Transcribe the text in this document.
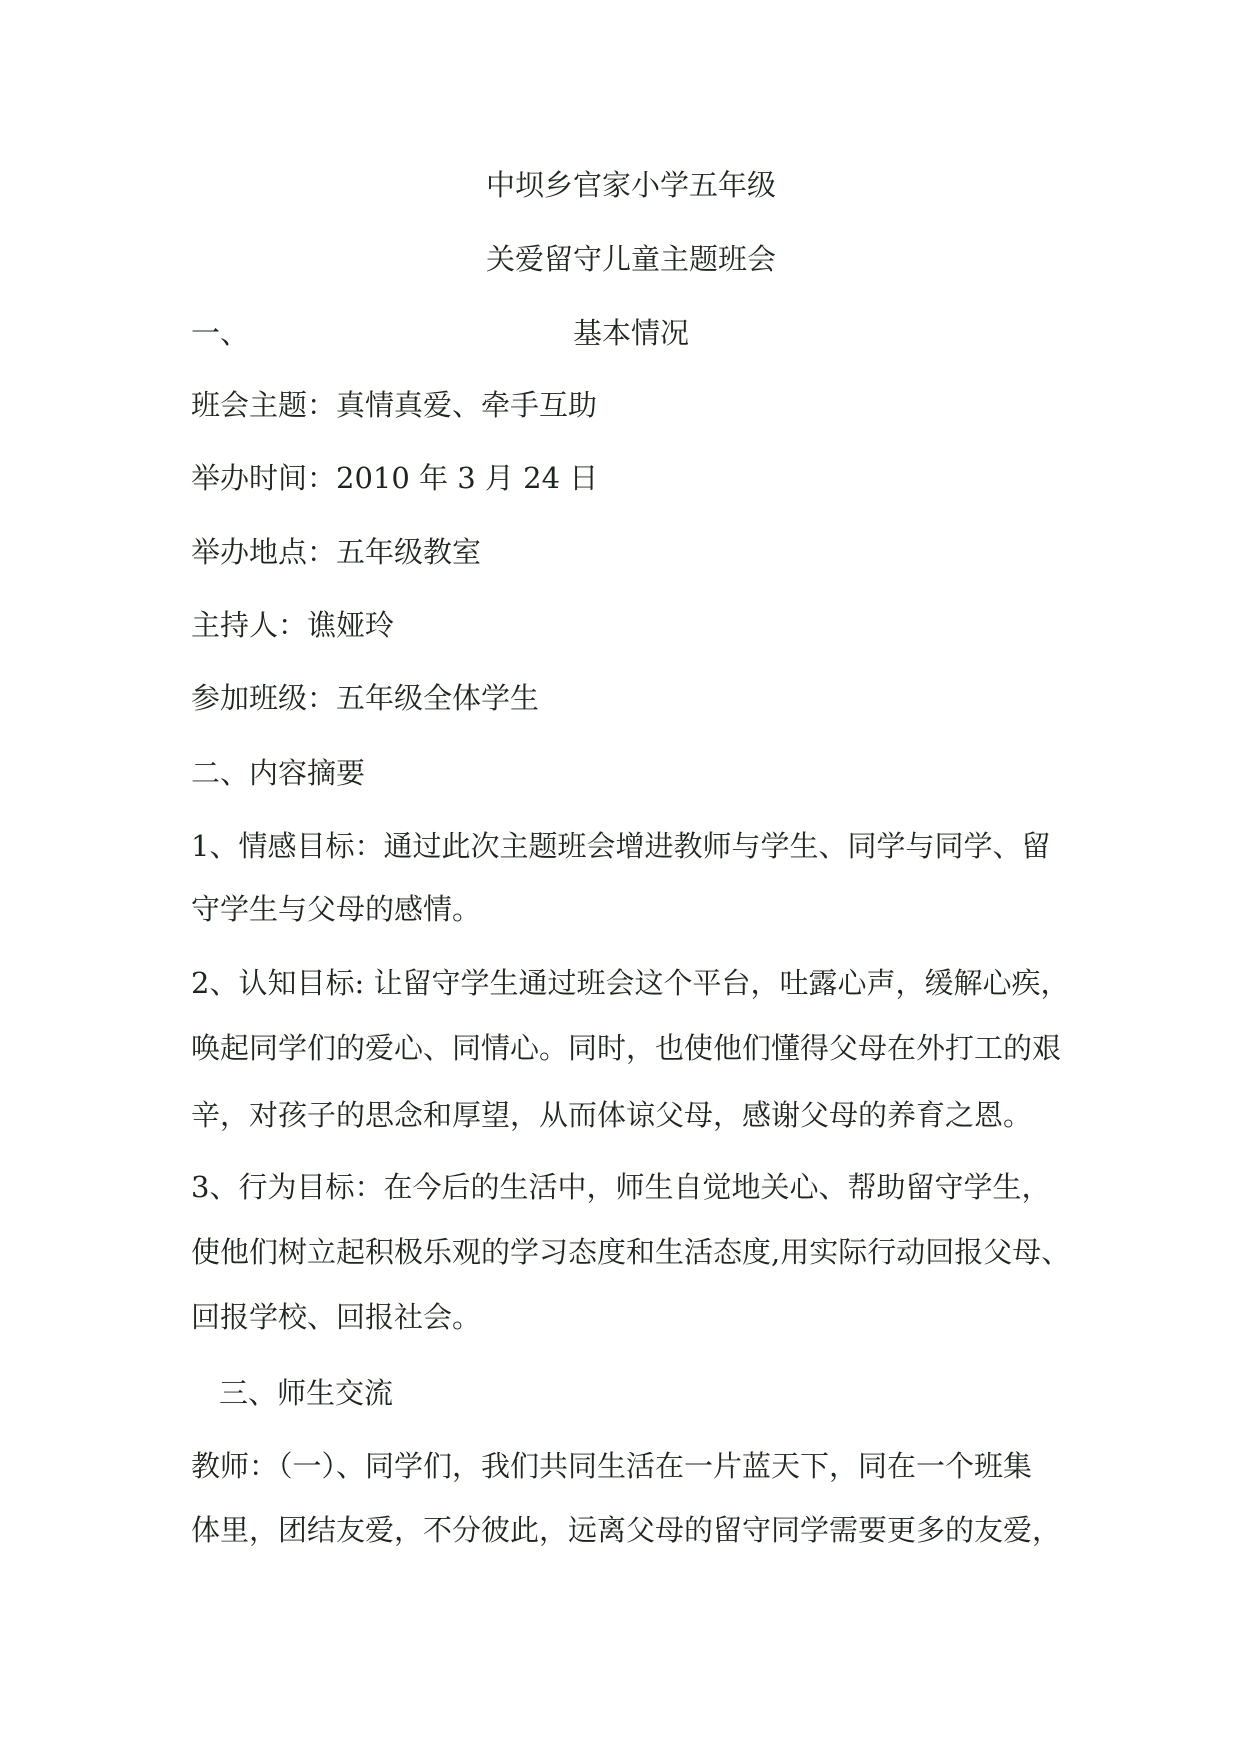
中坝乡官家小学五年级
关爱留守儿童主题班会
一、	基本情况
班会主题：真情真爱、牵手互助
举办时间：2010 年 3 月 24 日
举办地点：五年级教室
主持人：谯娅玲
参加班级：五年级全体学生
二、内容摘要
1、情感目标：通过此次主题班会增进教师与学生、同学与同学、留
守学生与父母的感情。
2、认知目标: 让留守学生通过班会这个平台，吐露心声，缓解心疾，
唤起同学们的爱心、同情心。同时，也使他们懂得父母在外打工的艰
辛，对孩子的思念和厚望，从而体谅父母，感谢父母的养育之恩。
3、行为目标：在今后的生活中，师生自觉地关心、帮助留守学生，
使他们树立起积极乐观的学习态度和生活态度,用实际行动回报父母、
回报学校、回报社会。
三、师生交流
教师：（一）、同学们，我们共同生活在一片蓝天下，同在一个班集
体里，团结友爱，不分彼此，远离父母的留守同学需要更多的友爱，
